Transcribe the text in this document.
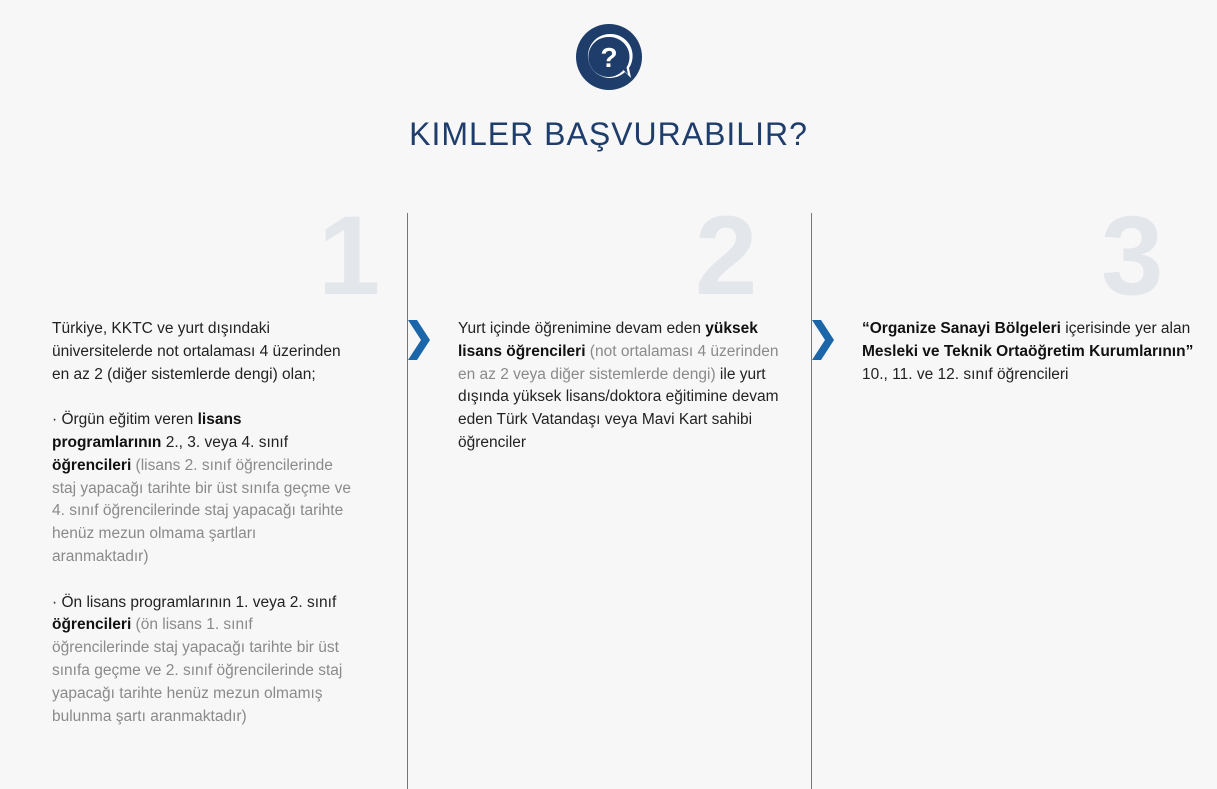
?
KIMLER BAŞVURABILIR?
1	2	3

Türkiye, KKTC ve yurt dışındaki üniversitelerde not ortalaması 4 üzerinden en az 2 (diğer sistemlerde dengi) olan;

· Örgün eğitim veren lisans programlarının 2., 3. veya 4. sınıf öğrencileri (lisans 2. sınıf öğrencilerinde staj yapacağı tarihte bir üst sınıfa geçme ve 4. sınıf öğrencilerinde staj yapacağı tarihte henüz mezun olmama şartları aranmaktadır)

· Ön lisans programlarının 1. veya 2. sınıf öğrencileri (ön lisans 1. sınıf öğrencilerinde staj yapacağı tarihte bir üst sınıfa geçme ve 2. sınıf öğrencilerinde staj yapacağı tarihte henüz mezun olmamış bulunma şartı aranmaktadır)

Yurt içinde öğrenimine devam eden yüksek lisans öğrencileri (not ortalaması 4 üzerinden en az 2 veya diğer sistemlerde dengi) ile yurt dışında yüksek lisans/doktora eğitimine devam eden Türk Vatandaşı veya Mavi Kart sahibi öğrenciler

“Organize Sanayi Bölgeleri içerisinde yer alan Mesleki ve Teknik Ortaöğretim Kurumlarının” 10., 11. ve 12. sınıf öğrencileri
